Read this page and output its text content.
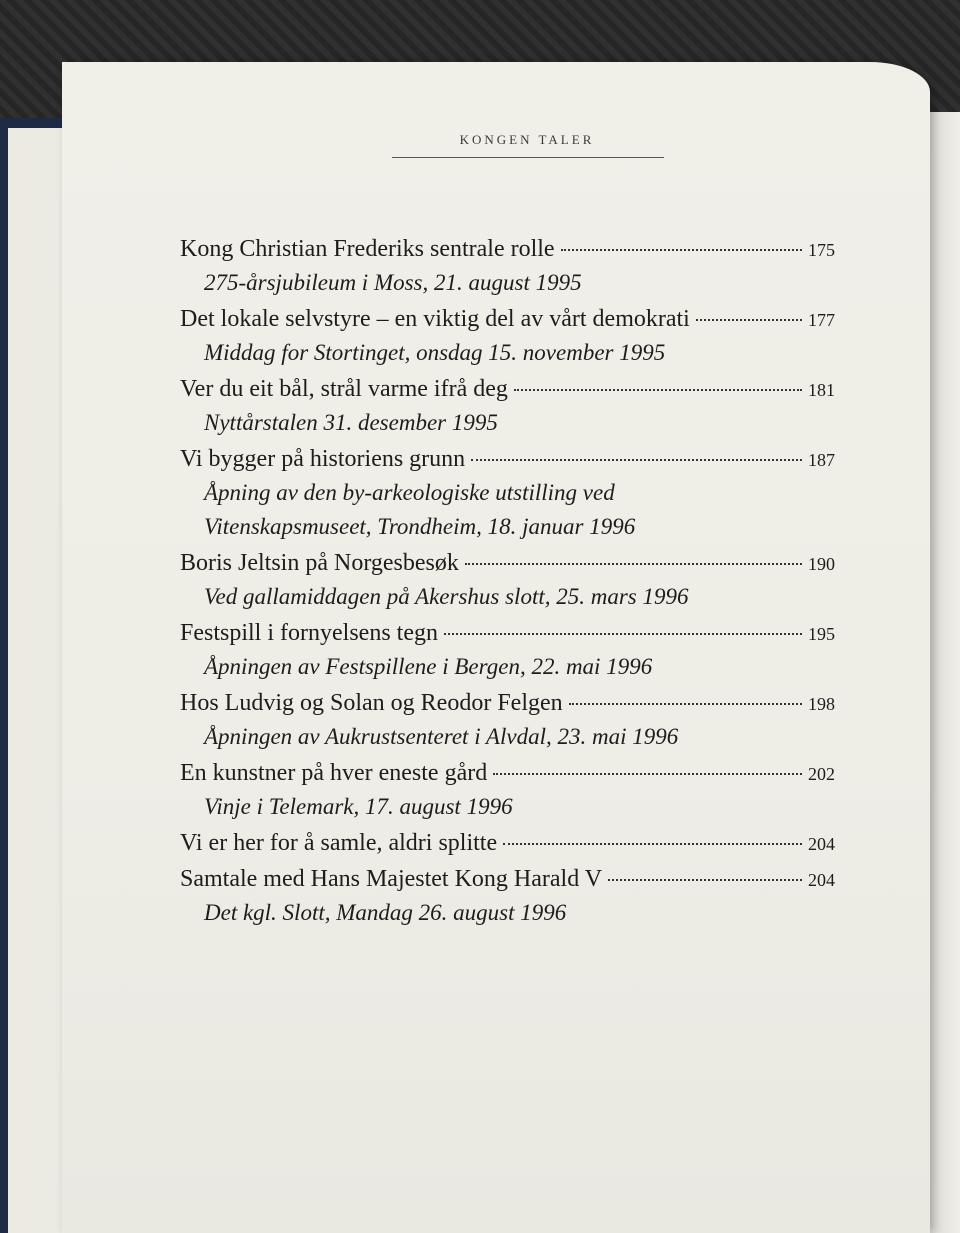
KONGEN TALER
Kong Christian Frederiks sentrale rolle	175
275-årsjubileum i Moss, 21. august 1995
Det lokale selvstyre – en viktig del av vårt demokrati	177
Middag for Stortinget, onsdag 15. november 1995
Ver du eit bål, strål varme ifrå deg	181
Nyttårstalen 31. desember 1995
Vi bygger på historiens grunn	187
Åpning av den by-arkeologiske utstilling ved
Vitenskapsmuseet, Trondheim, 18. januar 1996
Boris Jeltsin på Norgesbesøk	190
Ved gallamiddagen på Akershus slott, 25. mars 1996
Festspill i fornyelsens tegn	195
Åpningen av Festspillene i Bergen, 22. mai 1996
Hos Ludvig og Solan og Reodor Felgen	198
Åpningen av Aukrustsenteret i Alvdal, 23. mai 1996
En kunstner på hver eneste gård	202
Vinje i Telemark, 17. august 1996
Vi er her for å samle, aldri splitte	204
Samtale med Hans Majestet Kong Harald V	204
Det kgl. Slott, Mandag 26. august 1996
